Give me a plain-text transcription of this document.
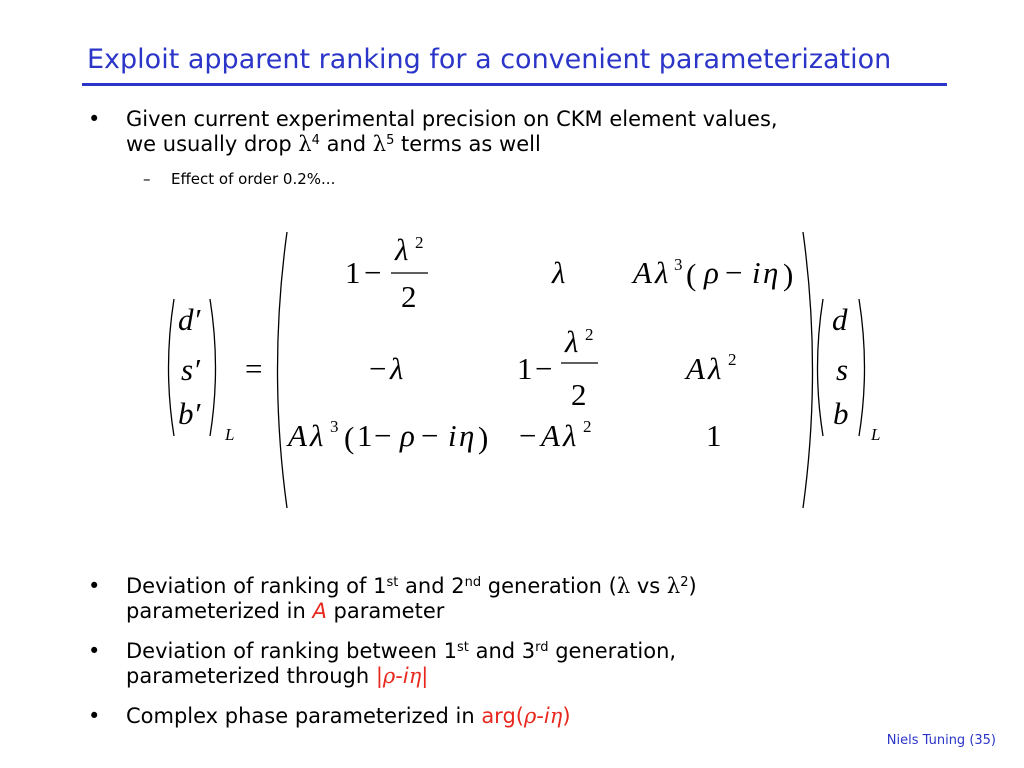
Exploit apparent ranking for a convenient parameterization
• Given current experimental precision on CKM element values,
we usually drop $\lambda^4$ and $\lambda^5$ terms as well
– Effect of order 0.2%...
d′
s′
b′
L
=
1 −
λ 2
2
λ A λ 3 ( ρ − i η )
− λ	1 −
λ 2
2
A λ 2
A λ 3 ( 1 − ρ − i η ) − A λ 2	1
d
s
b
L
• Deviation of ranking of 1st and 2nd generation (λ vs $\lambda^2$)
parameterized in A parameter
• Deviation of ranking between 1st and 3rd generation,
parameterized through |ρ-iη|
• Complex phase parameterized in arg(ρ-iη)
Niels Tuning (35)
